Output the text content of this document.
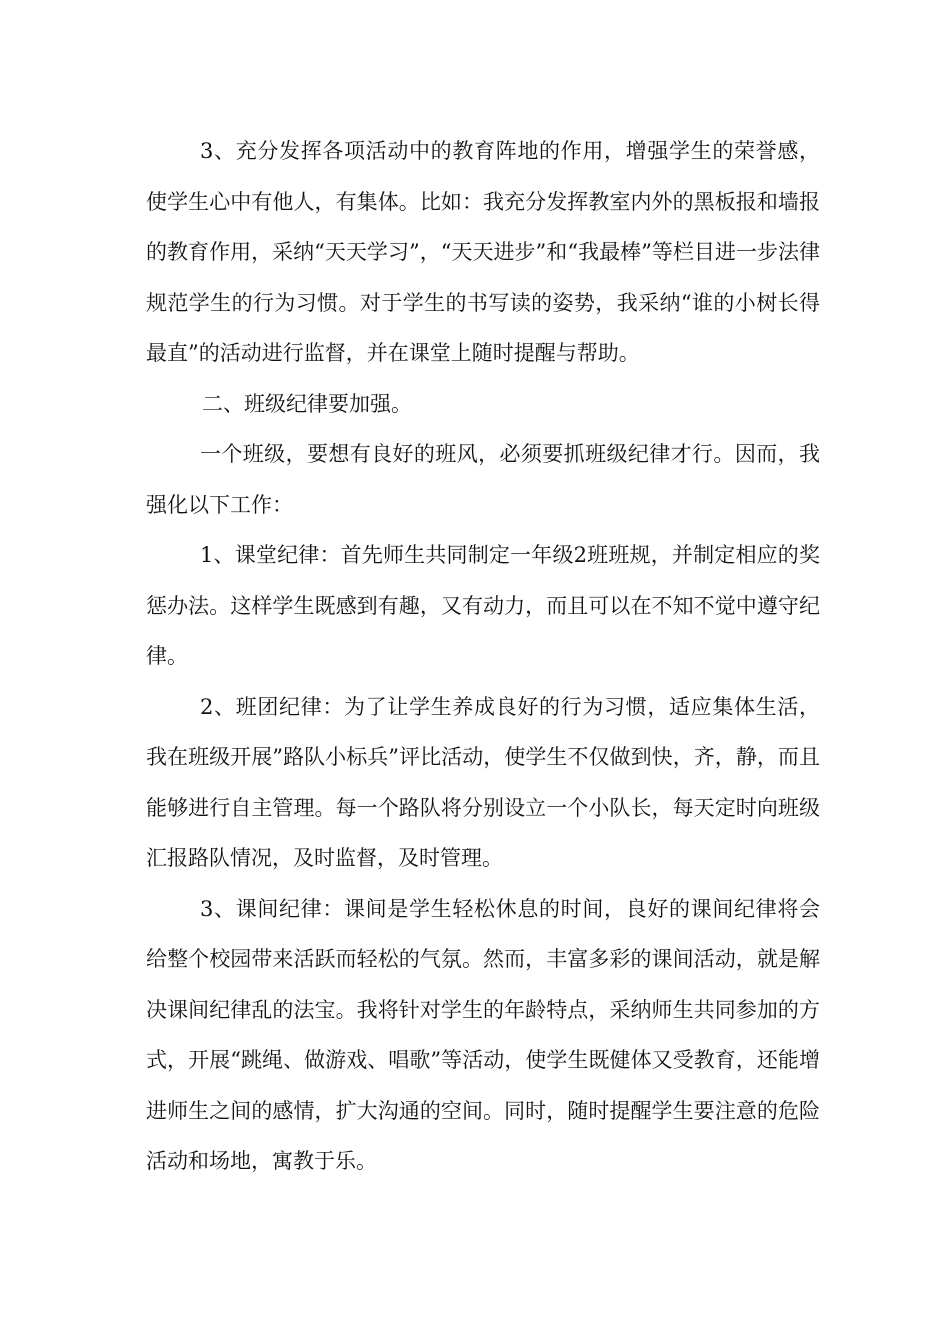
3、充分发挥各项活动中的教育阵地的作用，增强学生的荣誉感，使学生心中有他人，有集体。比如：我充分发挥教室内外的黑板报和墙报的教育作用，采纳“天天学习”，“天天进步”和“我最棒”等栏目进一步法律规范学生的行为习惯。对于学生的书写读的姿势，我采纳“谁的小树长得最直”的活动进行监督，并在课堂上随时提醒与帮助。

二、班级纪律要加强。

一个班级，要想有良好的班风，必须要抓班级纪律才行。因而，我强化以下工作：

1、课堂纪律：首先师生共同制定一年级2班班规，并制定相应的奖惩办法。这样学生既感到有趣，又有动力，而且可以在不知不觉中遵守纪律。

2、班团纪律：为了让学生养成良好的行为习惯，适应集体生活，我在班级开展”路队小标兵”评比活动，使学生不仅做到快，齐，静，而且能够进行自主管理。每一个路队将分别设立一个小队长，每天定时向班级汇报路队情况，及时监督，及时管理。

3、课间纪律：课间是学生轻松休息的时间，良好的课间纪律将会给整个校园带来活跃而轻松的气氛。然而，丰富多彩的课间活动，就是解决课间纪律乱的法宝。我将针对学生的年龄特点，采纳师生共同参加的方式，开展“跳绳、做游戏、唱歌”等活动，使学生既健体又受教育，还能增进师生之间的感情，扩大沟通的空间。同时，随时提醒学生要注意的危险活动和场地，寓教于乐。
